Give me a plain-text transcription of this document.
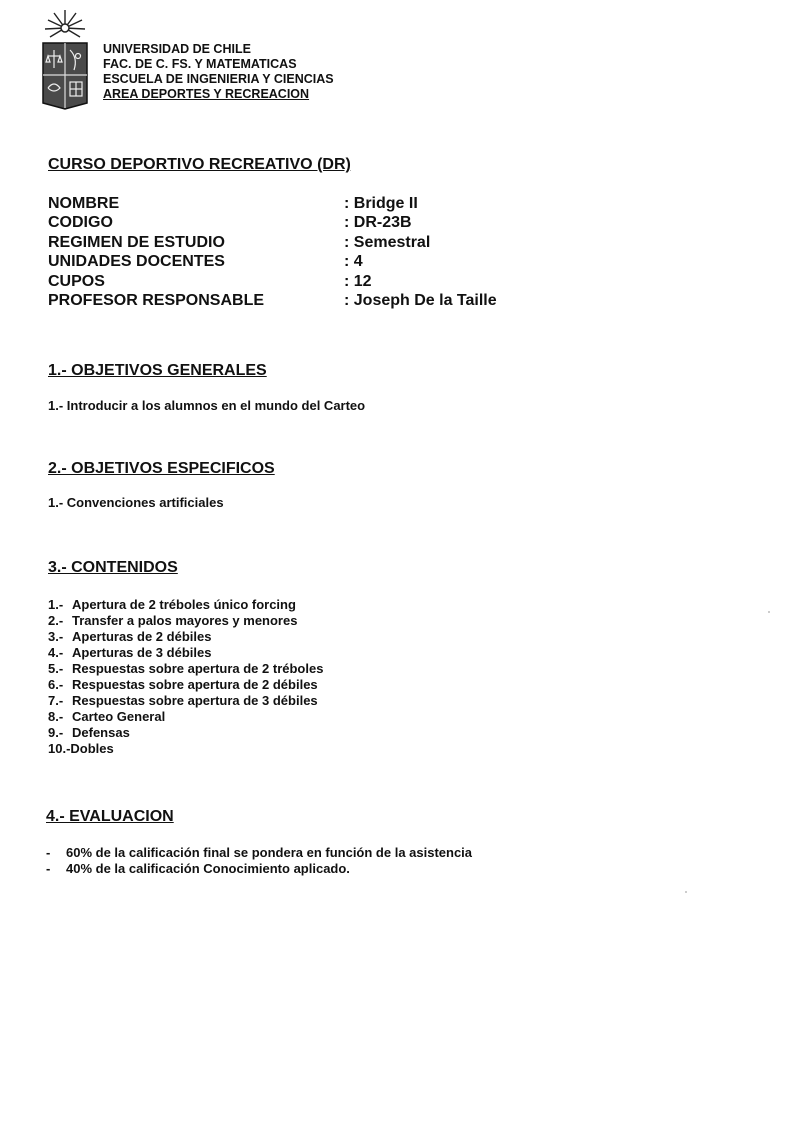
UNIVERSIDAD DE CHILE
FAC. DE C. FS. Y MATEMATICAS
ESCUELA DE INGENIERIA Y CIENCIAS
AREA DEPORTES Y RECREACION
CURSO DEPORTIVO RECREATIVO (DR)
NOMBRE	: Bridge II
CODIGO	: DR-23B
REGIMEN DE ESTUDIO	: Semestral
UNIDADES DOCENTES	: 4
CUPOS	: 12
PROFESOR RESPONSABLE	: Joseph De la Taille
1.- OBJETIVOS GENERALES
1.- Introducir a los alumnos en el mundo del Carteo
2.- OBJETIVOS ESPECIFICOS
1.- Convenciones artificiales
3.- CONTENIDOS
1.- Apertura de 2 tréboles único forcing
2.- Transfer a palos mayores y menores
3.- Aperturas de 2 débiles
4.- Aperturas de 3 débiles
5.- Respuestas sobre apertura de 2 tréboles
6.- Respuestas sobre apertura de 2 débiles
7.- Respuestas sobre apertura de 3 débiles
8.- Carteo General
9.- Defensas
10.- Dobles
4.- EVALUACION
-	60% de la calificación final se pondera en función de la asistencia
-	40% de la calificación Conocimiento aplicado.
